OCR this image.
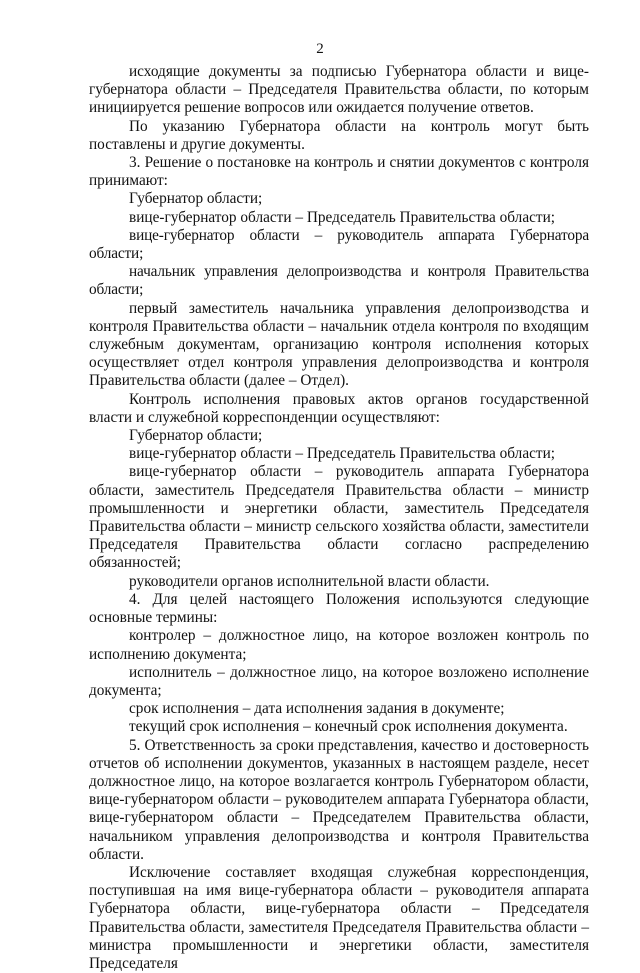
2

исходящие документы за подписью Губернатора области и вице-губернатора области – Председателя Правительства области, по которым инициируется решение вопросов или ожидается получение ответов.

По указанию Губернатора области на контроль могут быть поставлены и другие документы.

3. Решение о постановке на контроль и снятии документов с контроля принимают:

Губернатор области;

вице-губернатор области – Председатель Правительства области;

вице-губернатор области – руководитель аппарата Губернатора области;

начальник управления делопроизводства и контроля Правительства области;

первый заместитель начальника управления делопроизводства и контроля Правительства области – начальник отдела контроля по входящим служебным документам, организацию контроля исполнения которых осуществляет отдел контроля управления делопроизводства и контроля Правительства области (далее – Отдел).

Контроль исполнения правовых актов органов государственной власти и служебной корреспонденции осуществляют:

Губернатор области;

вице-губернатор области – Председатель Правительства области;

вице-губернатор области – руководитель аппарата Губернатора области, заместитель Председателя Правительства области – министр промышленности и энергетики области, заместитель Председателя Правительства области – министр сельского хозяйства области, заместители Председателя Правительства области согласно распределению обязанностей;

руководители органов исполнительной власти области.

4. Для целей настоящего Положения используются следующие основные термины:

контролер – должностное лицо, на которое возложен контроль по исполнению документа;

исполнитель – должностное лицо, на которое возложено исполнение документа;

срок исполнения – дата исполнения задания в документе;

текущий срок исполнения – конечный срок исполнения документа.

5. Ответственность за сроки представления, качество и достоверность отчетов об исполнении документов, указанных в настоящем разделе, несет должностное лицо, на которое возлагается контроль Губернатором области, вице-губернатором области – руководителем аппарата Губернатора области, вице-губернатором области – Председателем Правительства области, начальником управления делопроизводства и контроля Правительства области.

Исключение составляет входящая служебная корреспонденция, поступившая на имя вице-губернатора области – руководителя аппарата Губернатора области, вице-губернатора области – Председателя Правительства области, заместителя Председателя Правительства области – министра промышленности и энергетики области, заместителя Председателя
